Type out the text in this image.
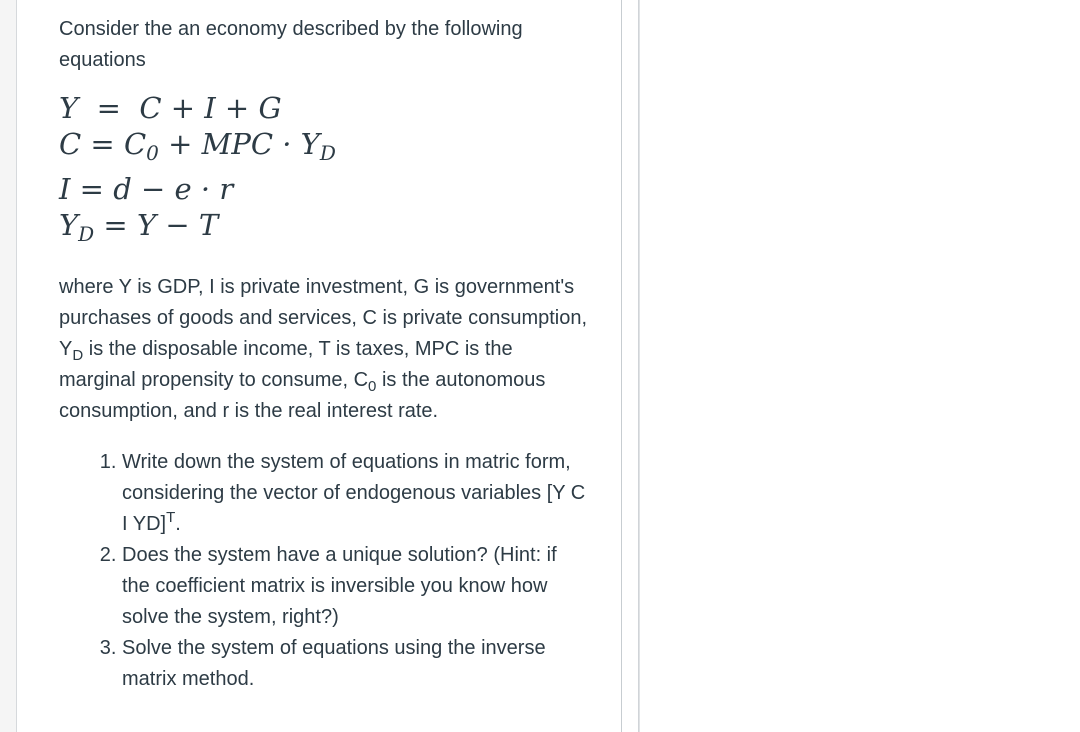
Consider the an economy described by the following equations

Y  =  C + I + G
$C = C_0$ + MPC · $Y_D$
I = d − e · r
$Y_D = Y - T$

where Y is GDP, I is private investment, G is government's purchases of goods and services, C is private consumption, $Y_D$ is the disposable income, T is taxes, MPC is the marginal propensity to consume, $C_0$ is the autonomous consumption, and r is the real interest rate.

1. Write down the system of equations in matric form, considering the vector of endogenous variables [Y C I YD]$^T$.
2. Does the system have a unique solution? (Hint: if the coefficient matrix is inversible you know how solve the system, right?)
3. Solve the system of equations using the inverse matrix method.
